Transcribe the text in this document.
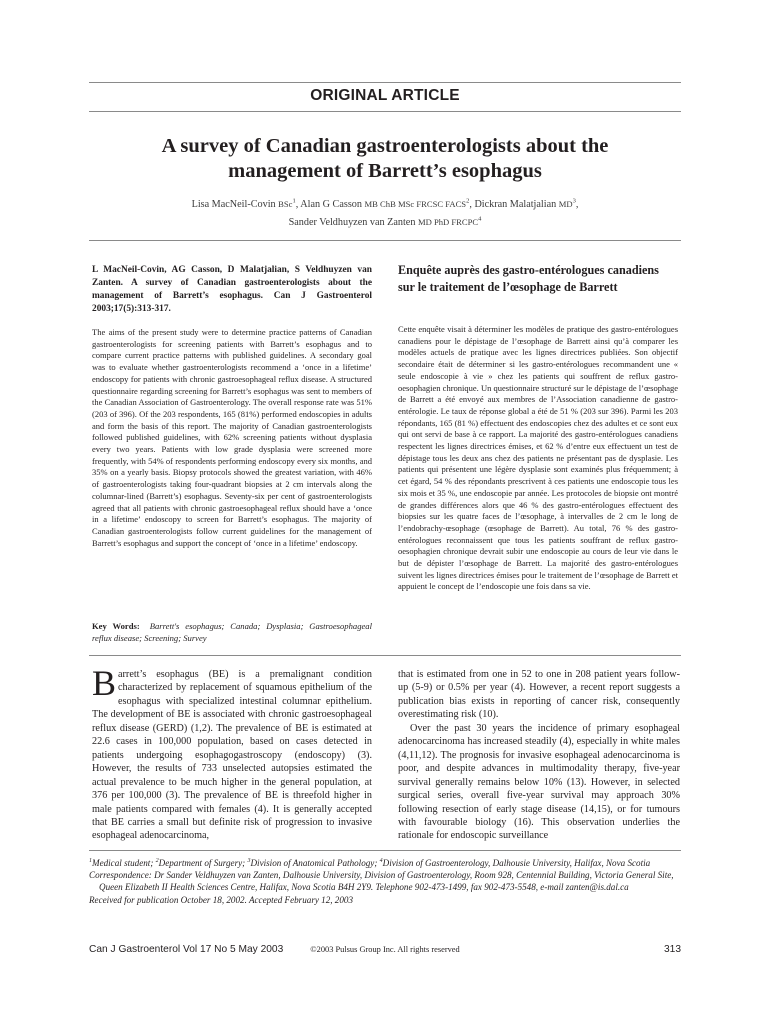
ORIGINAL ARTICLE
A survey of Canadian gastroenterologists about the
management of Barrett’s esophagus
Lisa MacNeil-Covin BSc$^1$, Alan G Casson MB ChB MSc FRCSC FACS$^2$, Dickran Malatjalian $MD^3$,
Sander Veldhuyzen van Zanten MD PhD FRCPC$^4$
L MacNeil-Covin, AG Casson, D Malatjalian, S Veldhuyzen van Zanten. A survey of Canadian gastroenterologists about the management of Barrett’s esophagus. Can J Gastroenterol 2003;17(5):313-317.
The aims of the present study were to determine practice patterns of Canadian gastroenterologists for screening patients with Barrett’s esophagus and to compare current practice patterns with published guidelines. A secondary goal was to evaluate whether gastroenterologists recommend a ‘once in a lifetime’ endoscopy for patients with chronic gastroesophageal reflux disease. A structured questionnaire regarding screening for Barrett’s esophagus was sent to members of the Canadian Association of Gastroenterology. The overall response rate was 51% (203 of 396). Of the 203 respondents, 165 (81%) performed endoscopies in adults and form the basis of this report. The majority of Canadian gastroenterologists followed published guidelines, with 62% screening patients without dysplasia every two years. Patients with low grade dysplasia were screened more frequently, with 54% of respondents performing endoscopy every six months, and 35% on a yearly basis. Biopsy protocols showed the greatest variation, with 46% of gastroenterologists taking four-quadrant biopsies at 2 cm intervals along the columnar-lined (Barrett’s) esophagus. Seventy-six per cent of gastroenterologists agreed that all patients with chronic gastroesophageal reflux should have a ‘once in a lifetime’ endoscopy to screen for Barrett’s esophagus. The majority of Canadian gastroenterologists follow current guidelines for the management of Barrett’s esophagus and support the concept of ‘once in a lifetime’ endoscopy.
Key Words: Barrett's esophagus; Canada; Dysplasia; Gastroesophageal reflux disease; Screening; Survey
Enquête auprès des gastro-entérologues canadiens sur le traitement de l’œsophage de Barrett
Cette enquête visait à déterminer les modèles de pratique des gastro-entérologues canadiens pour le dépistage de l’œsophage de Barrett ainsi qu’à comparer les modèles actuels de pratique avec les lignes directrices publiées. Son objectif secondaire était de déterminer si les gastro-entérologues recommandent une « seule endoscopie à vie » chez les patients qui souffrent de reflux gastro-oesophagien chronique. Un questionnaire structuré sur le dépistage de l’œsophage de Barrett a été envoyé aux membres de l’Association canadienne de gastro-entérologie. Le taux de réponse global a été de 51 % (203 sur 396). Parmi les 203 répondants, 165 (81 %) effectuent des endoscopies chez des adultes et ce sont eux qui ont servi de base à ce rapport. La majorité des gastro-entérologues canadiens respectent les lignes directrices émises, et 62 % d’entre eux effectuent un test de dépistage tous les deux ans chez des patients ne présentant pas de dysplasie. Les patients qui présentent une légère dysplasie sont examinés plus fréquemment; à cet égard, 54 % des répondants prescrivent à ces patients une endoscopie tous les six mois et 35 %, une endoscopie par année. Les protocoles de biopsie ont montré de grandes différences alors que 46 % des gastro-entérologues effectuent des biopsies sur les quatre faces de l’œsophage, à intervalles de 2 cm le long de l’endobrachy-œsophage (œsophage de Barrett). Au total, 76 % des gastro-entérologues reconnaissent que tous les patients souffrant de reflux gastro-oesophagien chronique devrait subir une endoscopie au cours de leur vie dans le but de dépister l’œsophage de Barrett. La majorité des gastro-entérologues suivent les lignes directrices émises pour le traitement de l’œsophage de Barrett et appuient le concept de l’endoscopie une fois dans sa vie.
Barrett’s esophagus (BE) is a premalignant condition characterized by replacement of squamous epithelium of the esophagus with specialized intestinal columnar epithelium. The development of BE is associated with chronic gastroesophageal reflux disease (GERD) (1,2). The prevalence of BE is estimated at 22.6 cases in 100,000 population, based on cases detected in patients undergoing esophagogastroscopy (endoscopy) (3). However, the results of 733 unselected autopsies estimated the actual prevalence to be much higher in the general population, at 376 per 100,000 (3). The prevalence of BE is threefold higher in male patients compared with females (4). It is generally accepted that BE carries a small but definite risk of progression to invasive esophageal adenocarcinoma,

that is estimated from one in 52 to one in 208 patient years follow-up (5-9) or 0.5% per year (4). However, a recent report suggests a publication bias exists in reporting of cancer risk, consequently overestimating risk (10).

Over the past 30 years the incidence of primary esophageal adenocarcinoma has increased steadily (4), especially in white males (4,11,12). The prognosis for invasive esophageal adenocarcinoma is poor, and despite advances in multimodality therapy, five-year survival generally remains below 10% (13). However, in selected surgical series, overall five-year survival may approach 30% following resection of early stage disease (14,15), or for tumours with favourable biology (16). This observation underlies the rationale for endoscopic surveillance

$^1$Medical student; $^2$Department of Surgery; $^3$Division of Anatomical Pathology; $^4$Division of Gastroenterology, Dalhousie University, Halifax, Nova Scotia

Correspondence: Dr Sander Veldhuyzen van Zanten, Dalhousie University, Division of Gastroenterology, Room 928, Centennial Building, Victoria General Site, Queen Elizabeth II Health Sciences Centre, Halifax, Nova Scotia B4H 2Y9. Telephone 902-473-1499, fax 902-473-5548, e-mail zanten@is.dal.ca

Received for publication October 18, 2002. Accepted February 12, 2003

©2003 Pulsus Group Inc. All rights reserved
Can J Gastroenterol Vol 17 No 5 May 2003	313
